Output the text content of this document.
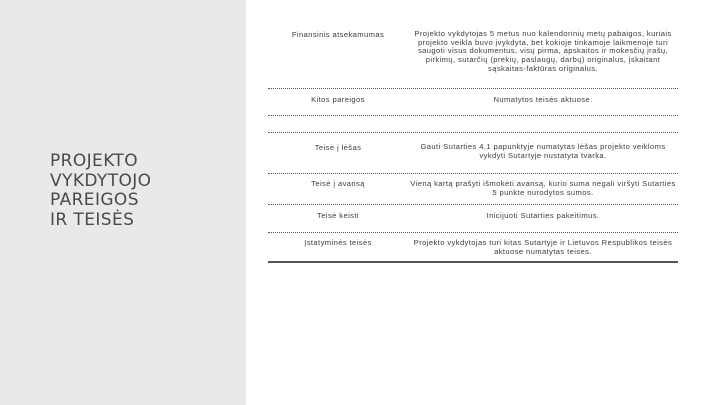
PROJEKTO
VYKDYTOJO
PAREIGOS
IR TEISĖS
Finansinis atsekamumas	Projekto vykdytojas 5 metus nuo kalendorinių metų pabaigos, kuriais projekto veikla buvo įvykdyta, bet kokioje tinkamoje laikmenoje turi saugoti visus dokumentus, visų pirma, apskaitos ir mokesčių įrašų, pirkimų, sutarčių (prekių, paslaugų, darbų) originalus, įskaitant sąskaitas-faktūras originalus.
Kitos pareigos	Numatytos teisės aktuose.
Teisė į lėšas	Gauti Sutarties 4.1 papunktyje numatytas lėšas projekto veikloms vykdyti Sutartyje nustatyta tvarka.
Teisė į avansą	Vieną kartą prašyti išmokėti avansą, kurio suma negali viršyti Sutarties 5 punkte nurodytos sumos.
Teisė keisti	Inicijuoti Sutarties pakeitimus.
Įstatyminės teisės	Projekto vykdytojas turi kitas Sutartyje ir Lietuvos Respublikos teisės aktuose numatytas teises.
